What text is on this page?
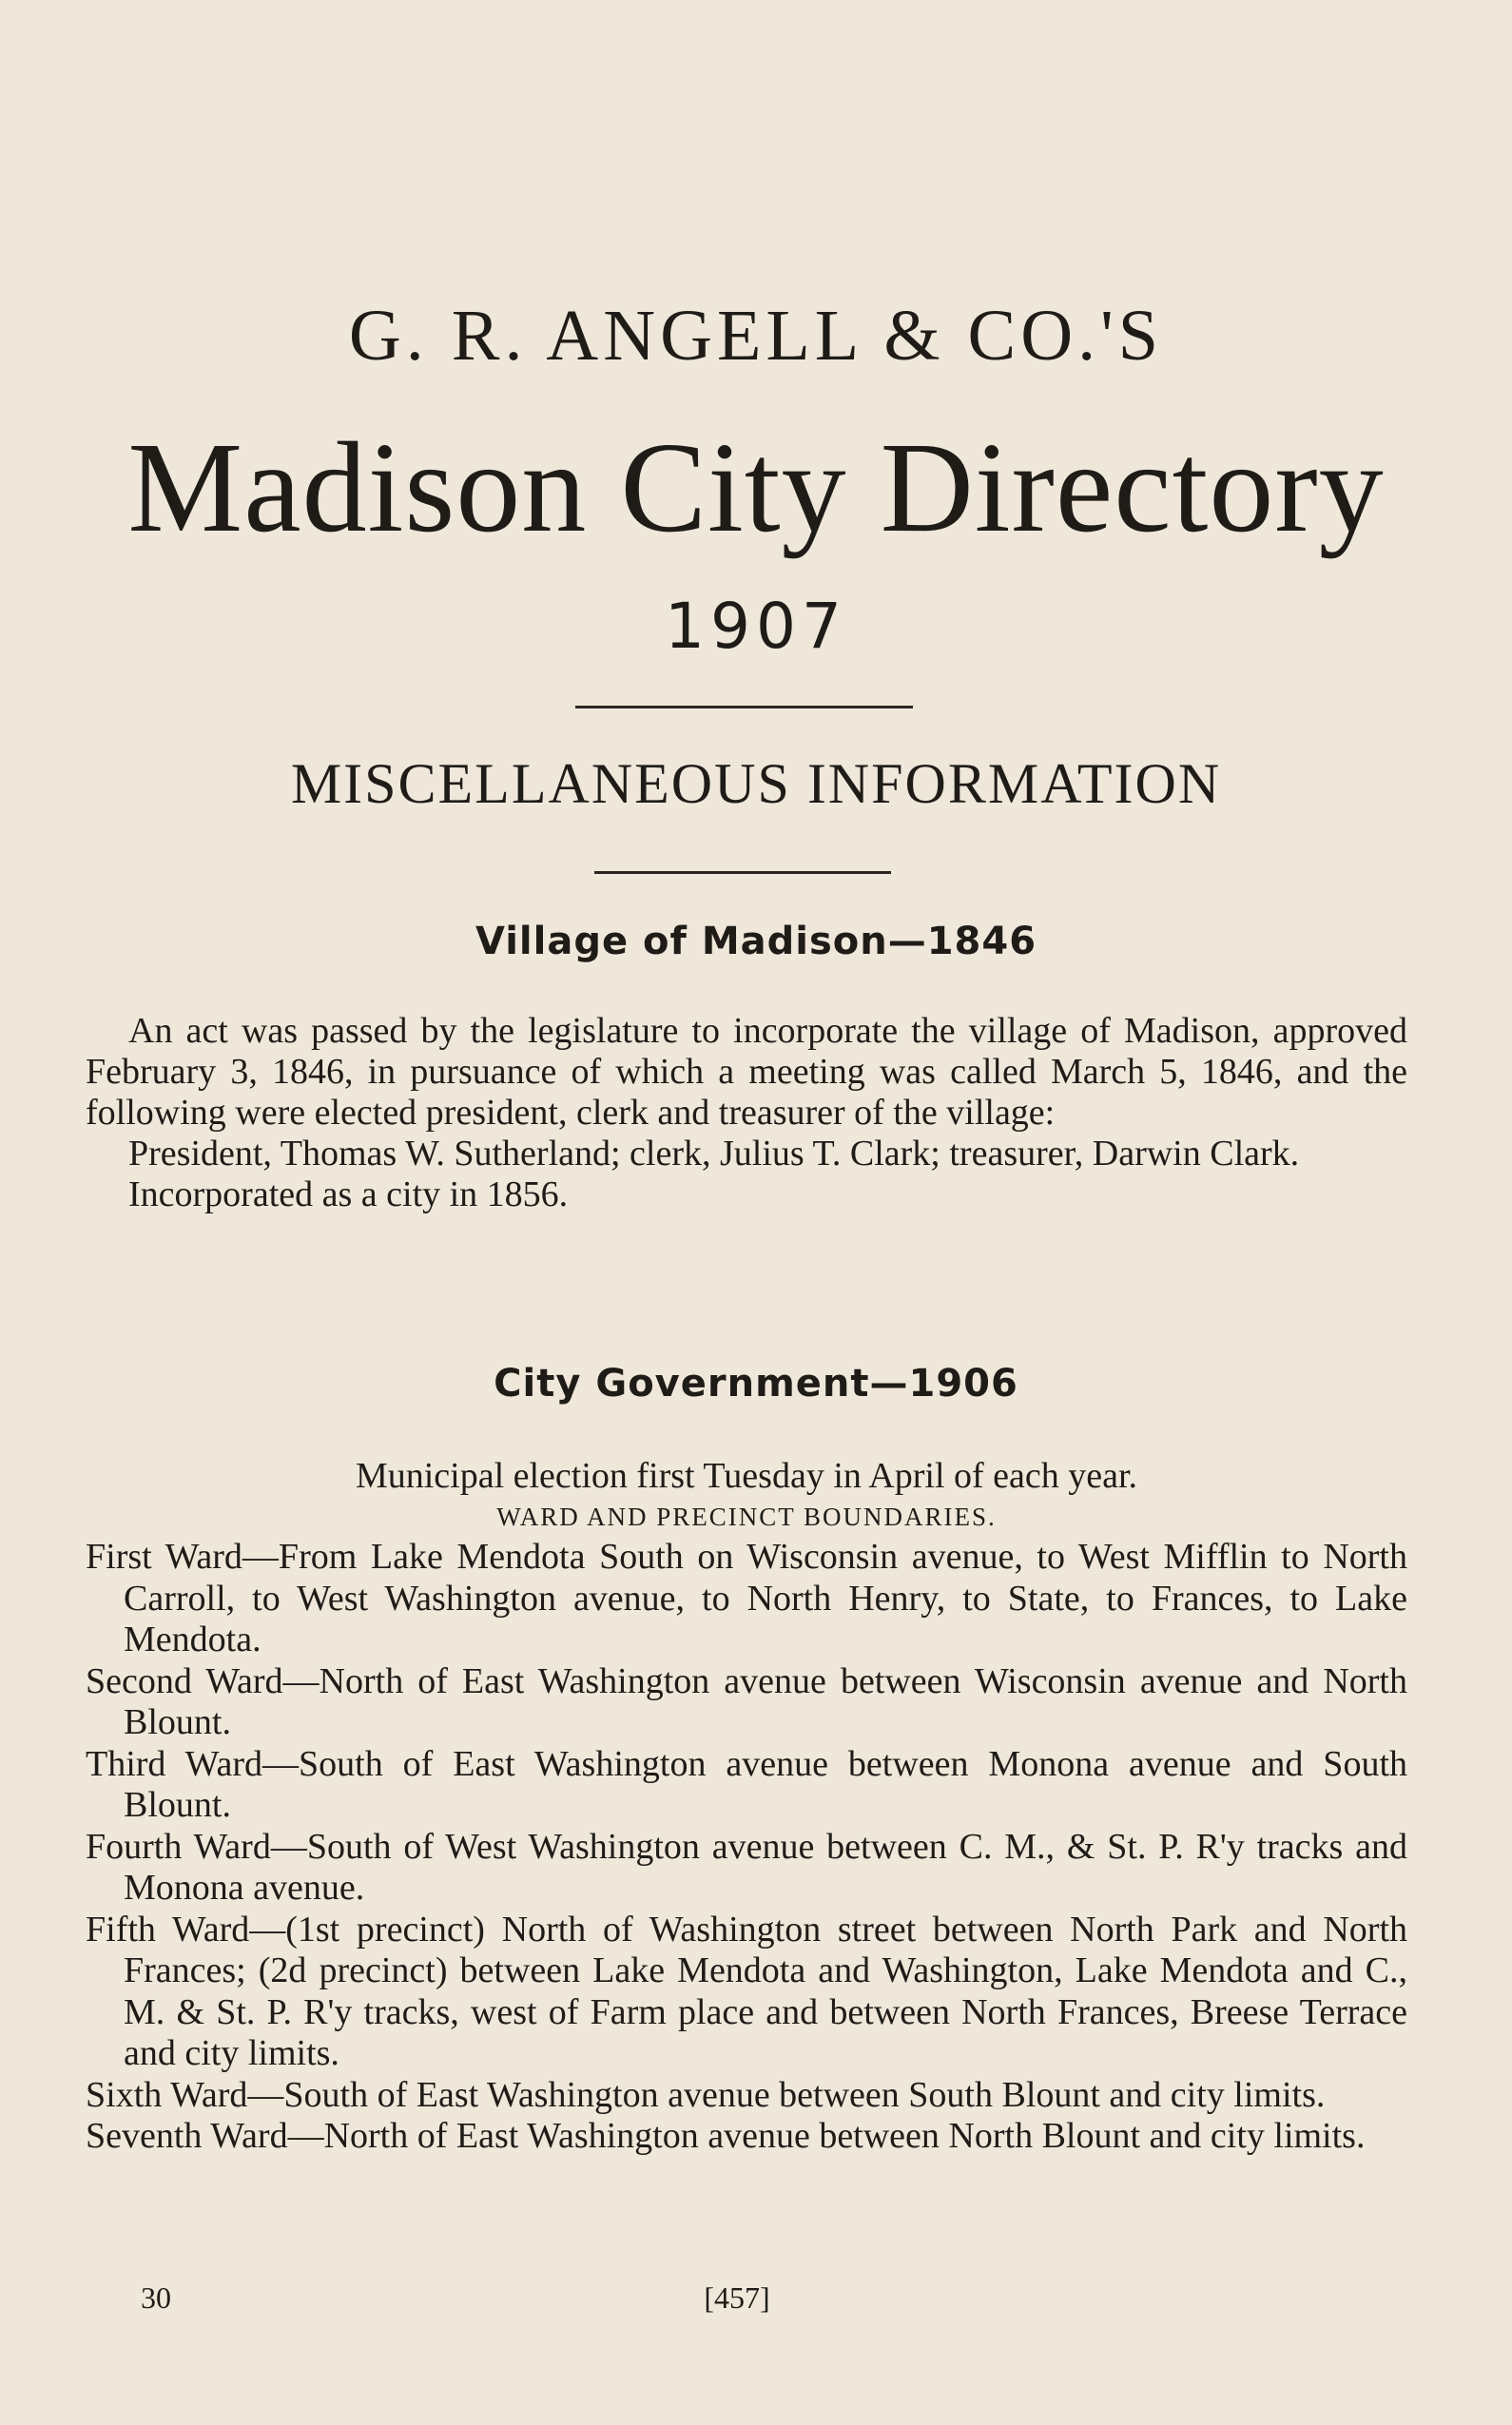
G. R. ANGELL & CO.'S
Madison City Directory
1907
MISCELLANEOUS INFORMATION
Village of Madison—1846

An act was passed by the legislature to incorporate the village of Madison, approved February 3, 1846, in pursuance of which a meeting was called March 5, 1846, and the following were elected president, clerk and treasurer of the village:

President, Thomas W. Sutherland; clerk, Julius T. Clark; treasurer, Darwin Clark.

Incorporated as a city in 1856.

City Government—1906
Municipal election first Tuesday in April of each year.
WARD AND PRECINCT BOUNDARIES.

First Ward—From Lake Mendota South on Wisconsin avenue, to West Mifflin to North Carroll, to West Washington avenue, to North Henry, to State, to Frances, to Lake Mendota.

Second Ward—North of East Washington avenue between Wisconsin avenue and North Blount.

Third Ward—South of East Washington avenue between Monona avenue and South Blount.

Fourth Ward—South of West Washington avenue between C. M., & St. P. R'y tracks and Monona avenue.

Fifth Ward—(1st precinct) North of Washington street between North Park and North Frances; (2d precinct) between Lake Mendota and Washington, Lake Mendota and C., M. & St. P. R'y tracks, west of Farm place and between North Frances, Breese Terrace and city limits.

Sixth Ward—South of East Washington avenue between South Blount and city limits.

Seventh Ward—North of East Washington avenue between North Blount and city limits.

30	[457]
